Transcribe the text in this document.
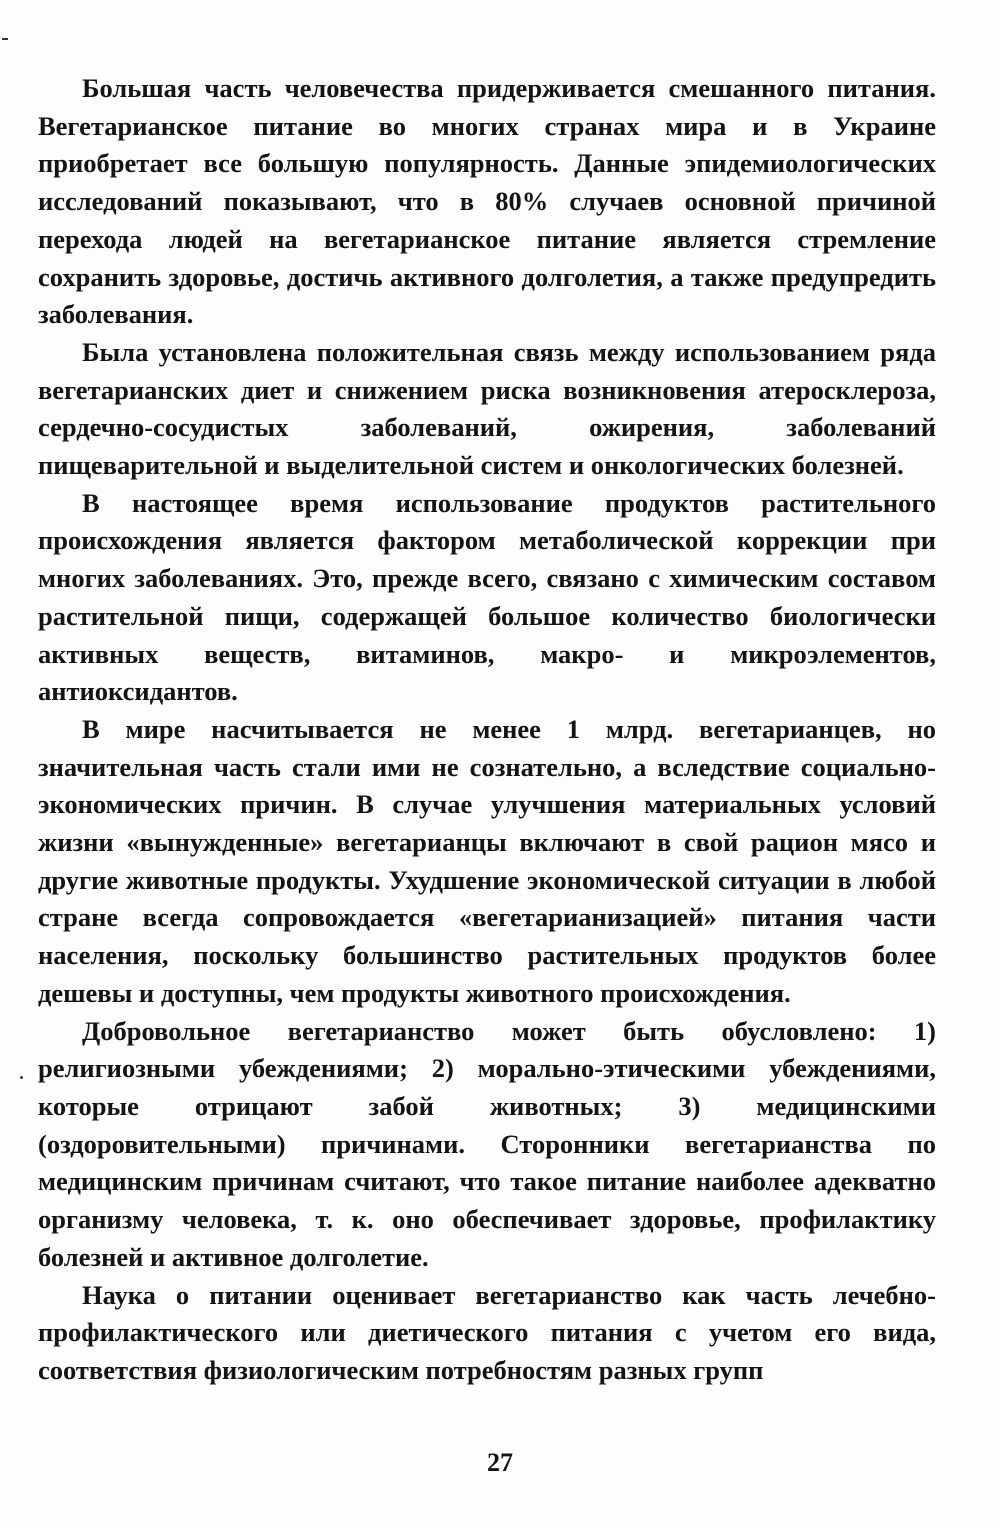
Большая часть человечества придерживается смешанного питания. Вегетарианское питание во многих странах мира и в Украине приобретает все большую популярность. Данные эпидемиологических исследований показывают, что в 80% случаев основной причиной перехода людей на вегетарианское питание является стремление сохранить здоровье, достичь активного долголетия, а также предупредить заболевания.

Была установлена положительная связь между использованием ряда вегетарианских диет и снижением риска возникновения атеросклероза, сердечно-сосудистых заболеваний, ожирения, заболеваний пищеварительной и выделительной систем и онкологических болезней.

В настоящее время использование продуктов растительного происхождения является фактором метаболической коррекции при многих заболеваниях. Это, прежде всего, связано с химическим составом растительной пищи, содержащей большое количество биологически активных веществ, витаминов, макро- и микроэлементов, антиоксидантов.

В мире насчитывается не менее 1 млрд. вегетарианцев, но значительная часть стали ими не сознательно, а вследствие социально-экономических причин. В случае улучшения материальных условий жизни «вынужденные» вегетарианцы включают в свой рацион мясо и другие животные продукты. Ухудшение экономической ситуации в любой стране всегда сопровождается «вегетарианизацией» питания части населения, поскольку большинство растительных продуктов более дешевы и доступны, чем продукты животного происхождения.

Добровольное вегетарианство может быть обусловлено: 1) религиозными убеждениями; 2) морально-этическими убеждениями, которые отрицают забой животных; 3) медицинскими (оздоровительными) причинами. Сторонники вегетарианства по медицинским причинам считают, что такое питание наиболее адекватно организму человека, т. к. оно обеспечивает здоровье, профилактику болезней и активное долголетие.

Наука о питании оценивает вегетарианство как часть лечебно-профилактического или диетического питания с учетом его вида, соответствия физиологическим потребностям разных групп

27
